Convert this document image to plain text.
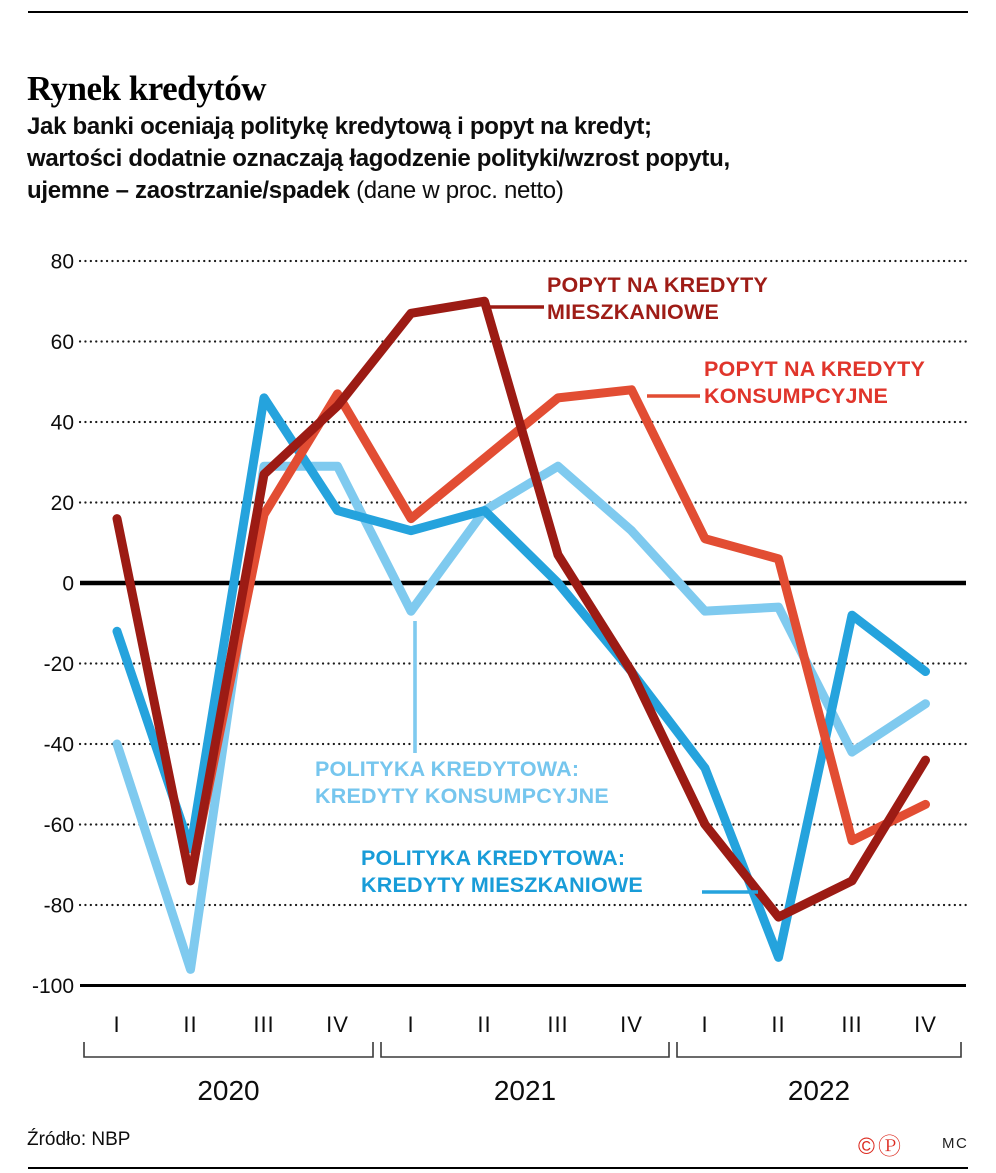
Rynek kredytów
Jak banki oceniają politykę kredytową i popyt na kredyt;
wartości dodatnie oznaczają łagodzenie polityki/wzrost popytu,
ujemne – zaostrzanie/spadek (dane w proc. netto)
80
60
40
20
0
-20
-40
-60
-80
-100
I	II	III IV	I	II	III IV	I	II	III IV
2020	2021	2022
POPYT NA KREDYTY
MIESZKANIOWE
POPYT NA KREDYTY
KONSUMPCYJNE
POLITYKA KREDYTOWA:
KREDYTY KONSUMPCYJNE
POLITYKA KREDYTOWA:
KREDYTY MIESZKANIOWE
Źródło: NBP	©Ⓟ	MC
